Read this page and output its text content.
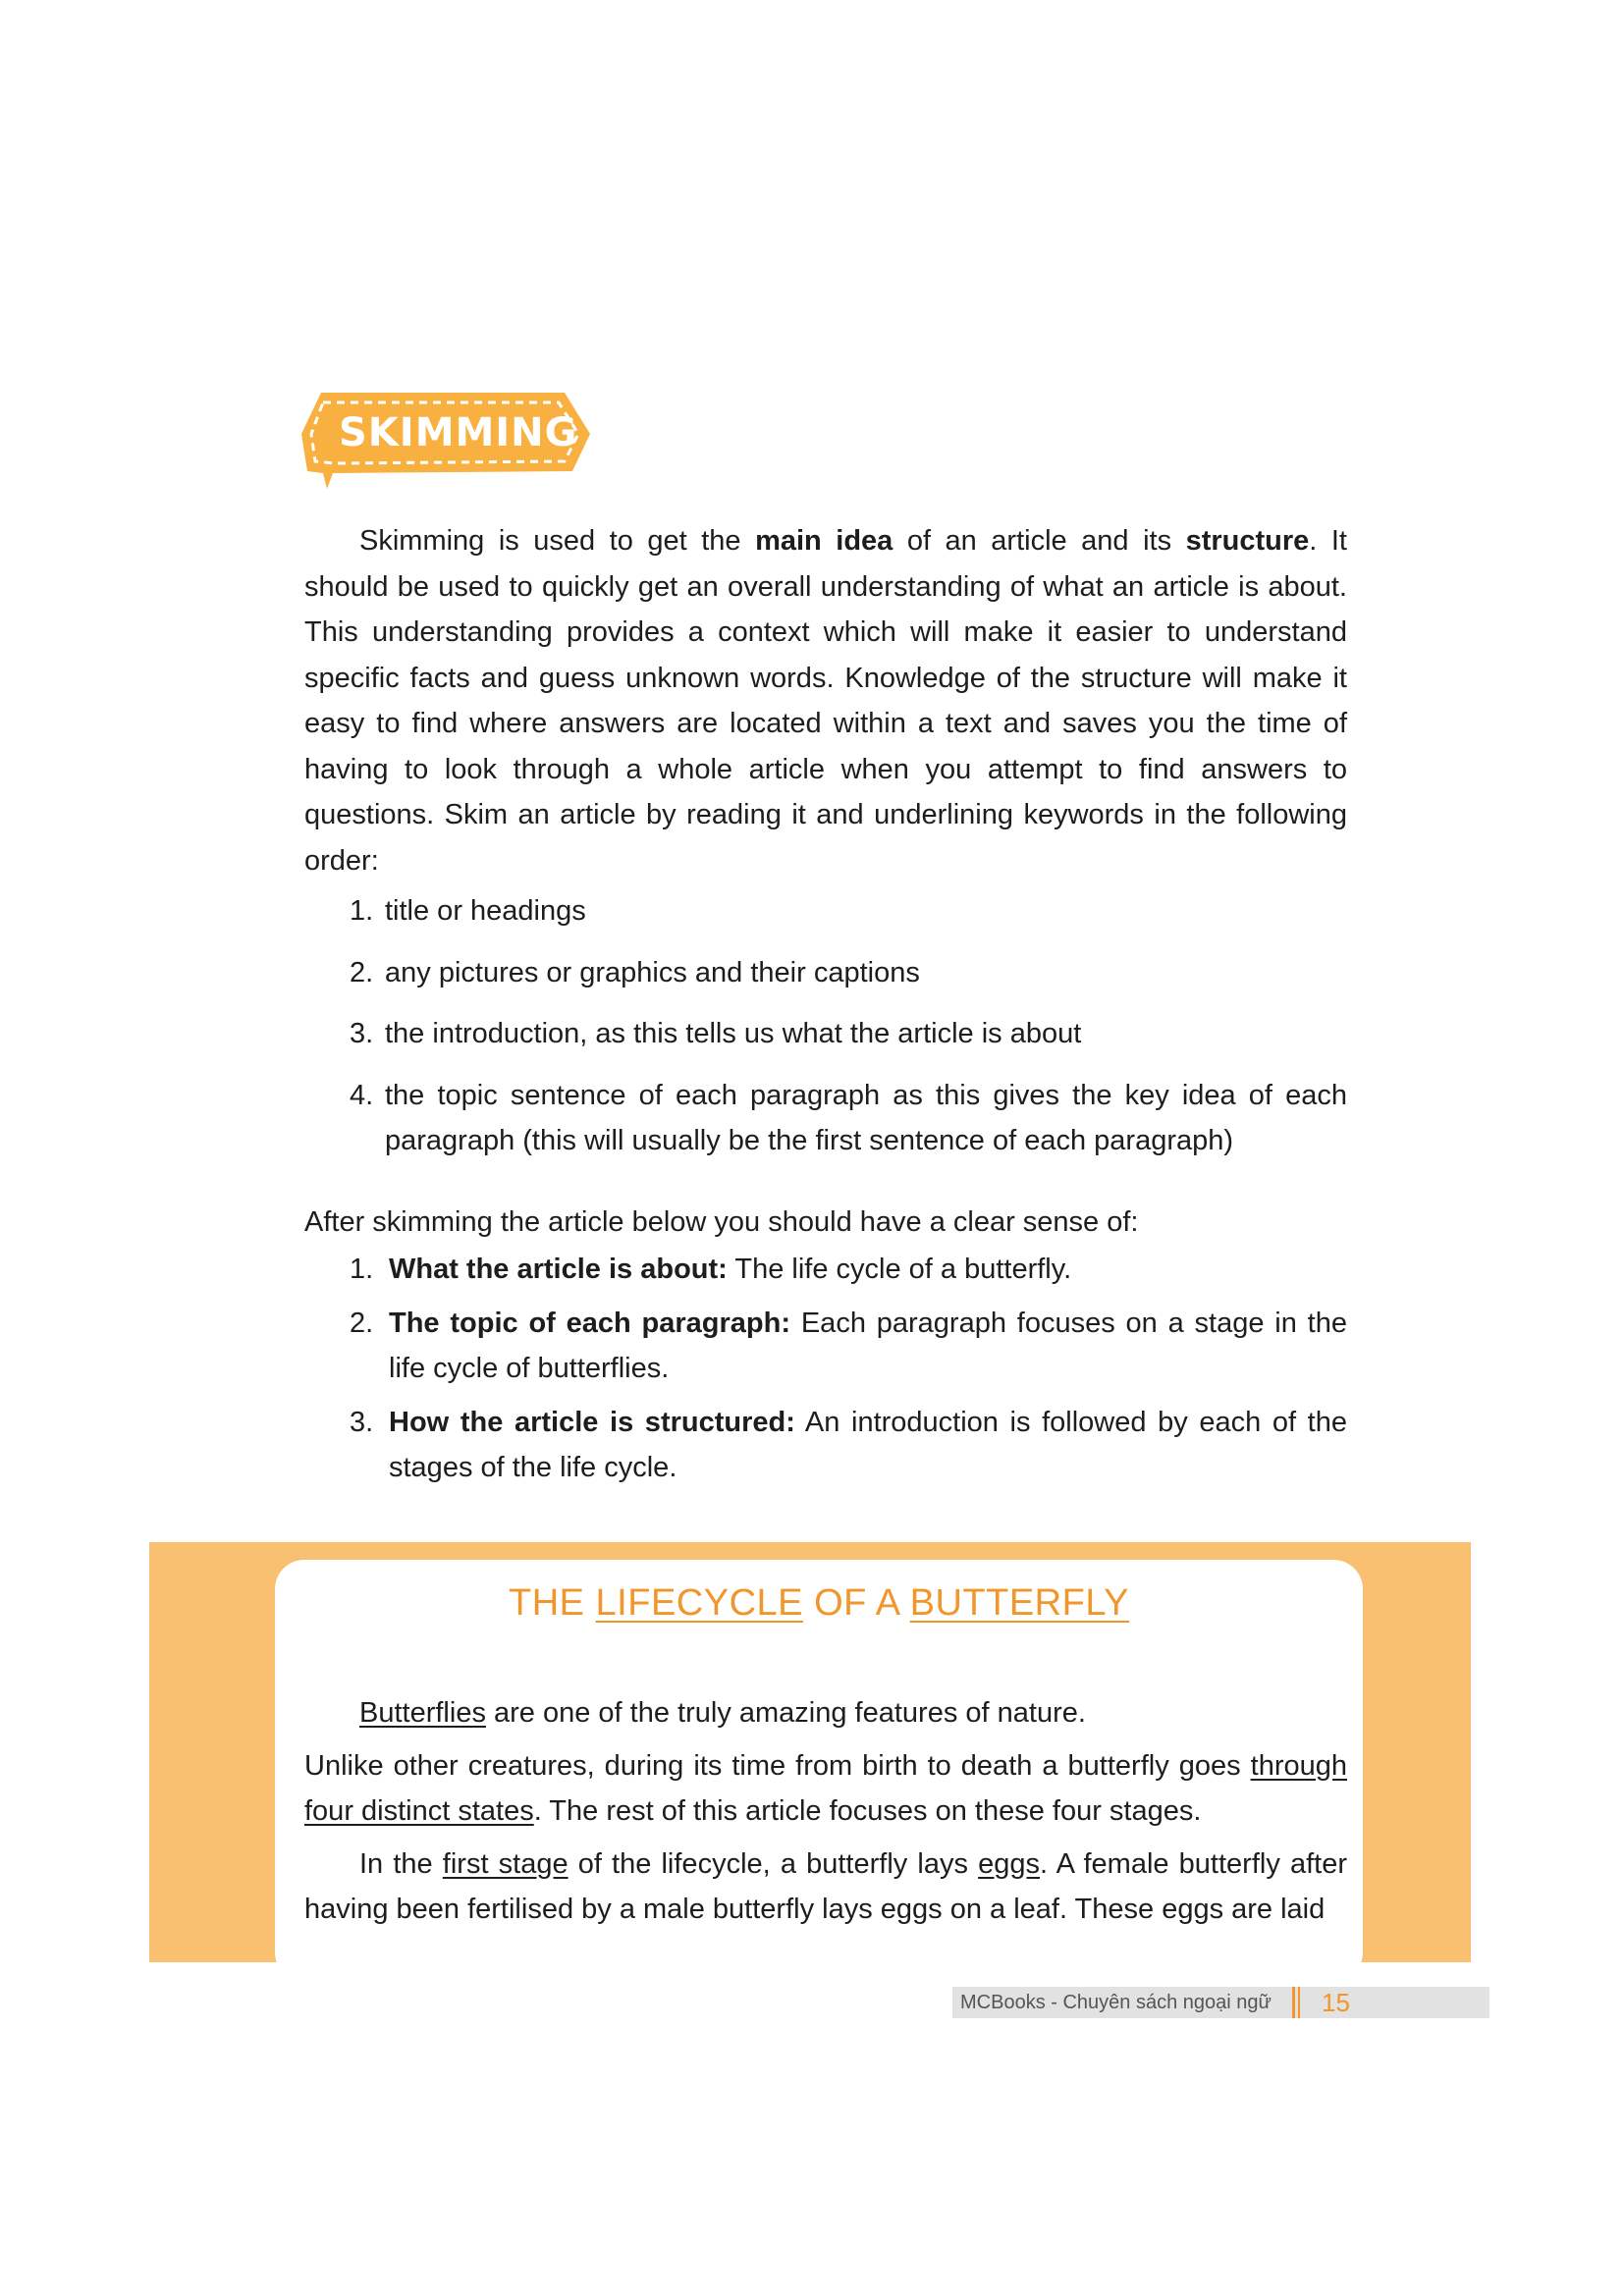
SKIMMING
Skimming is used to get the main idea of an article and its structure. It should be used to quickly get an overall understanding of what an article is about. This understanding provides a context which will make it easier to understand specific facts and guess unknown words. Knowledge of the structure will make it easy to find where answers are located within a text and saves you the time of having to look through a whole article when you attempt to find answers to questions. Skim an article by reading it and underlining keywords in the following order:
1. title or headings
2. any pictures or graphics and their captions
3. the introduction, as this tells us what the article is about
4. the topic sentence of each paragraph as this gives the key idea of each paragraph (this will usually be the first sentence of each paragraph)
After skimming the article below you should have a clear sense of:
1. What the article is about: The life cycle of a butterfly.
2. The topic of each paragraph: Each paragraph focuses on a stage in the life cycle of butterflies.
3. How the article is structured: An introduction is followed by each of the stages of the life cycle.
THE LIFECYCLE OF A BUTTERFLY

Butterflies are one of the truly amazing features of nature.

Unlike other creatures, during its time from birth to death a butterfly goes through four distinct states. The rest of this article focuses on these four stages.

In the first stage of the lifecycle, a butterfly lays eggs. A female butterfly after having been fertilised by a male butterfly lays eggs on a leaf. These eggs are laid

MCBooks - Chuyên sách ngoại ngữ 15
